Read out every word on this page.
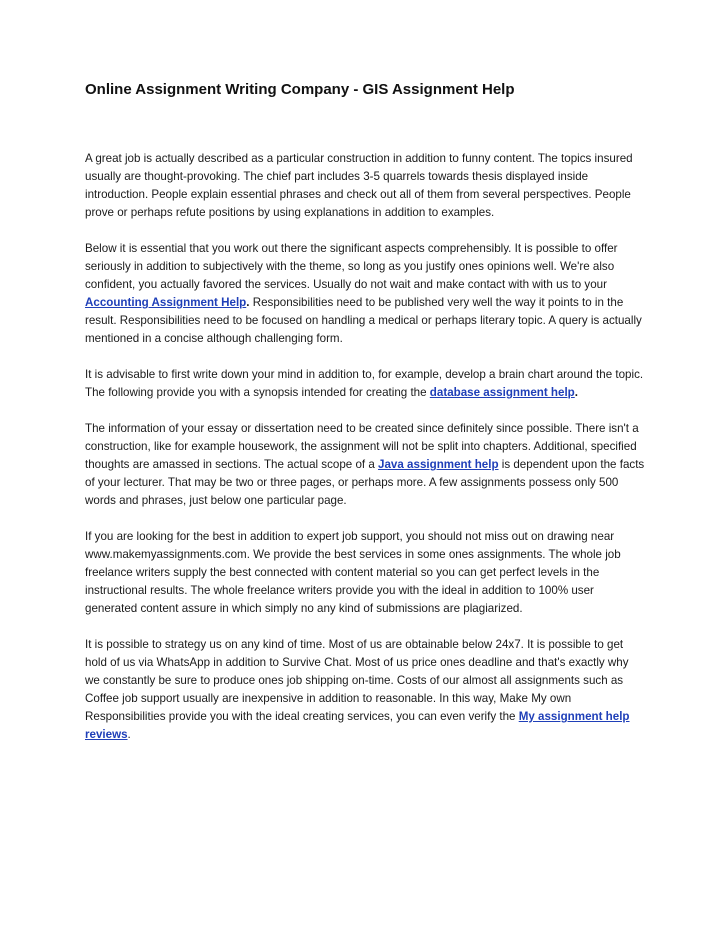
Online Assignment Writing Company - GIS Assignment Help

A great job is actually described as a particular construction in addition to funny content. The topics insured usually are thought-provoking. The chief part includes 3-5 quarrels towards thesis displayed inside introduction. People explain essential phrases and check out all of them from several perspectives. People prove or perhaps refute positions by using explanations in addition to examples.

Below it is essential that you work out there the significant aspects comprehensibly. It is possible to offer seriously in addition to subjectively with the theme, so long as you justify ones opinions well. We're also confident, you actually favored the services. Usually do not wait and make contact with with us to your Accounting Assignment Help. Responsibilities need to be published very well the way it points to in the result. Responsibilities need to be focused on handling a medical or perhaps literary topic. A query is actually mentioned in a concise although challenging form.

It is advisable to first write down your mind in addition to, for example, develop a brain chart around the topic. The following provide you with a synopsis intended for creating the database assignment help.

The information of your essay or dissertation need to be created since definitely since possible. There isn't a construction, like for example housework, the assignment will not be split into chapters. Additional, specified thoughts are amassed in sections. The actual scope of a Java assignment help is dependent upon the facts of your lecturer. That may be two or three pages, or perhaps more. A few assignments possess only 500 words and phrases, just below one particular page.

If you are looking for the best in addition to expert job support, you should not miss out on drawing near www.makemyassignments.com. We provide the best services in some ones assignments. The whole job freelance writers supply the best connected with content material so you can get perfect levels in the instructional results. The whole freelance writers provide you with the ideal in addition to 100% user generated content assure in which simply no any kind of submissions are plagiarized.

It is possible to strategy us on any kind of time. Most of us are obtainable below 24x7. It is possible to get hold of us via WhatsApp in addition to Survive Chat. Most of us price ones deadline and that's exactly why we constantly be sure to produce ones job shipping on-time. Costs of our almost all assignments such as Coffee job support usually are inexpensive in addition to reasonable. In this way, Make My own Responsibilities provide you with the ideal creating services, you can even verify the My assignment help reviews.
